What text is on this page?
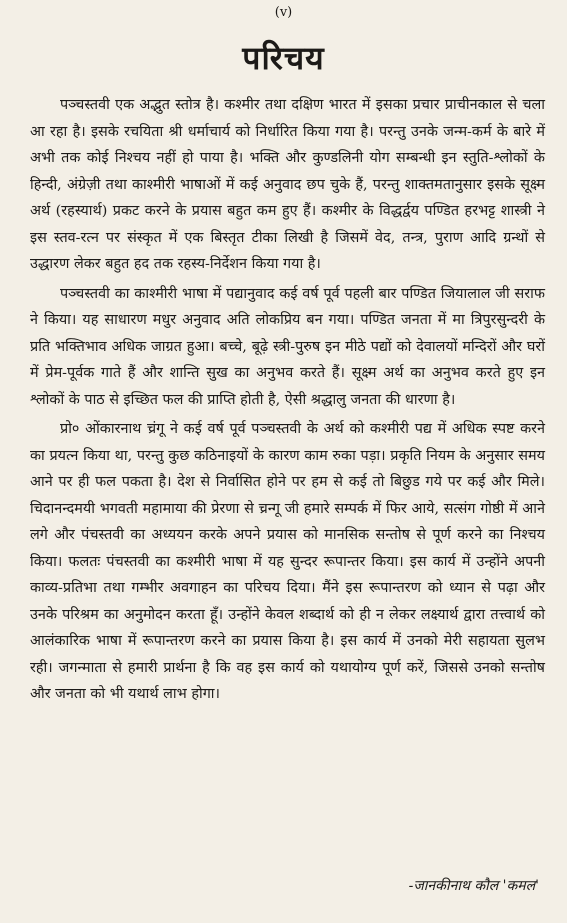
(v)
परिचय

पञ्चस्तवी एक अद्भुत स्तोत्र है। कश्मीर तथा दक्षिण भारत में इसका प्रचार प्राचीनकाल से चला आ रहा है। इसके रचयिता श्री धर्माचार्य को निर्धारित किया गया है। परन्तु उनके जन्म-कर्म के बारे में अभी तक कोई निश्चय नहीं हो पाया है। भक्ति और कुण्डलिनी योग सम्बन्धी इन स्तुति-श्लोकों के हिन्दी, अंग्रेज़ी तथा काश्मीरी भाषाओं में कई अनुवाद छप चुके हैं, परन्तु शाक्तमतानुसार इसके सूक्ष्म अर्थ (रहस्यार्थ) प्रकट करने के प्रयास बहुत कम हुए हैं। कश्मीर के विद्धर्द्वय पण्डित हरभट्ट शास्त्री ने इस स्तव-रत्न पर संस्कृत में एक बिस्तृत टीका लिखी है जिसमें वेद, तन्त्र, पुराण आदि ग्रन्थों से उद्धारण लेकर बहुत हद तक रहस्य-निर्देशन किया गया है।

पञ्चस्तवी का काश्मीरी भाषा में पद्यानुवाद कई वर्ष पूर्व पहली बार पण्डित जियालाल जी सराफ ने किया। यह साधारण मधुर अनुवाद अति लोकप्रिय बन गया। पण्डित जनता में मा त्रिपुरसुन्दरी के प्रति भक्तिभाव अधिक जाग्रत हुआ। बच्चे, बूढ़े स्त्री-पुरुष इन मीठे पद्यों को देवालयों मन्दिरों और घरों में प्रेम-पूर्वक गाते हैं और शान्ति सुख का अनुभव करते हैं। सूक्ष्म अर्थ का अनुभव करते हुए इन श्लोकों के पाठ से इच्छित फल की प्राप्ति होती है, ऐसी श्रद्धालु जनता की धारणा है।

प्रो० ओंकारनाथ च्रंगू ने कई वर्ष पूर्व पञ्चस्तवी के अर्थ को कश्मीरी पद्य में अधिक स्पष्ट करने का प्रयत्न किया था, परन्तु कुछ कठिनाइयों के कारण काम रुका पड़ा। प्रकृति नियम के अनुसार समय आने पर ही फल पकता है। देश से निर्वासित होने पर हम से कई तो बिछुड गये पर कई और मिले। चिदानन्दमयी भगवती महामाया की प्रेरणा से च्रन्गू जी हमारे सम्पर्क में फिर आये, सत्संग गोष्ठी में आने लगे और पंचस्तवी का अध्ययन करके अपने प्रयास को मानसिक सन्तोष से पूर्ण करने का निश्चय किया। फलतः पंचस्तवी का कश्मीरी भाषा में यह सुन्दर रूपान्तर किया। इस कार्य में उन्होंने अपनी काव्य-प्रतिभा तथा गम्भीर अवगाहन का परिचय दिया। मैंने इस रूपान्तरण को ध्यान से पढ़ा और उनके परिश्रम का अनुमोदन करता हूँ। उन्होंने केवल शब्दार्थ को ही न लेकर लक्ष्यार्थ द्वारा तत्त्वार्थ को आलंकारिक भाषा में रूपान्तरण करने का प्रयास किया है। इस कार्य में उनको मेरी सहायता सुलभ रही। जगन्माता से हमारी प्रार्थना है कि वह इस कार्य को यथायोग्य पूर्ण करें, जिससे उनको सन्तोष और जनता को भी यथार्थ लाभ होगा।

-जानकीनाथ कौल 'कमल'
